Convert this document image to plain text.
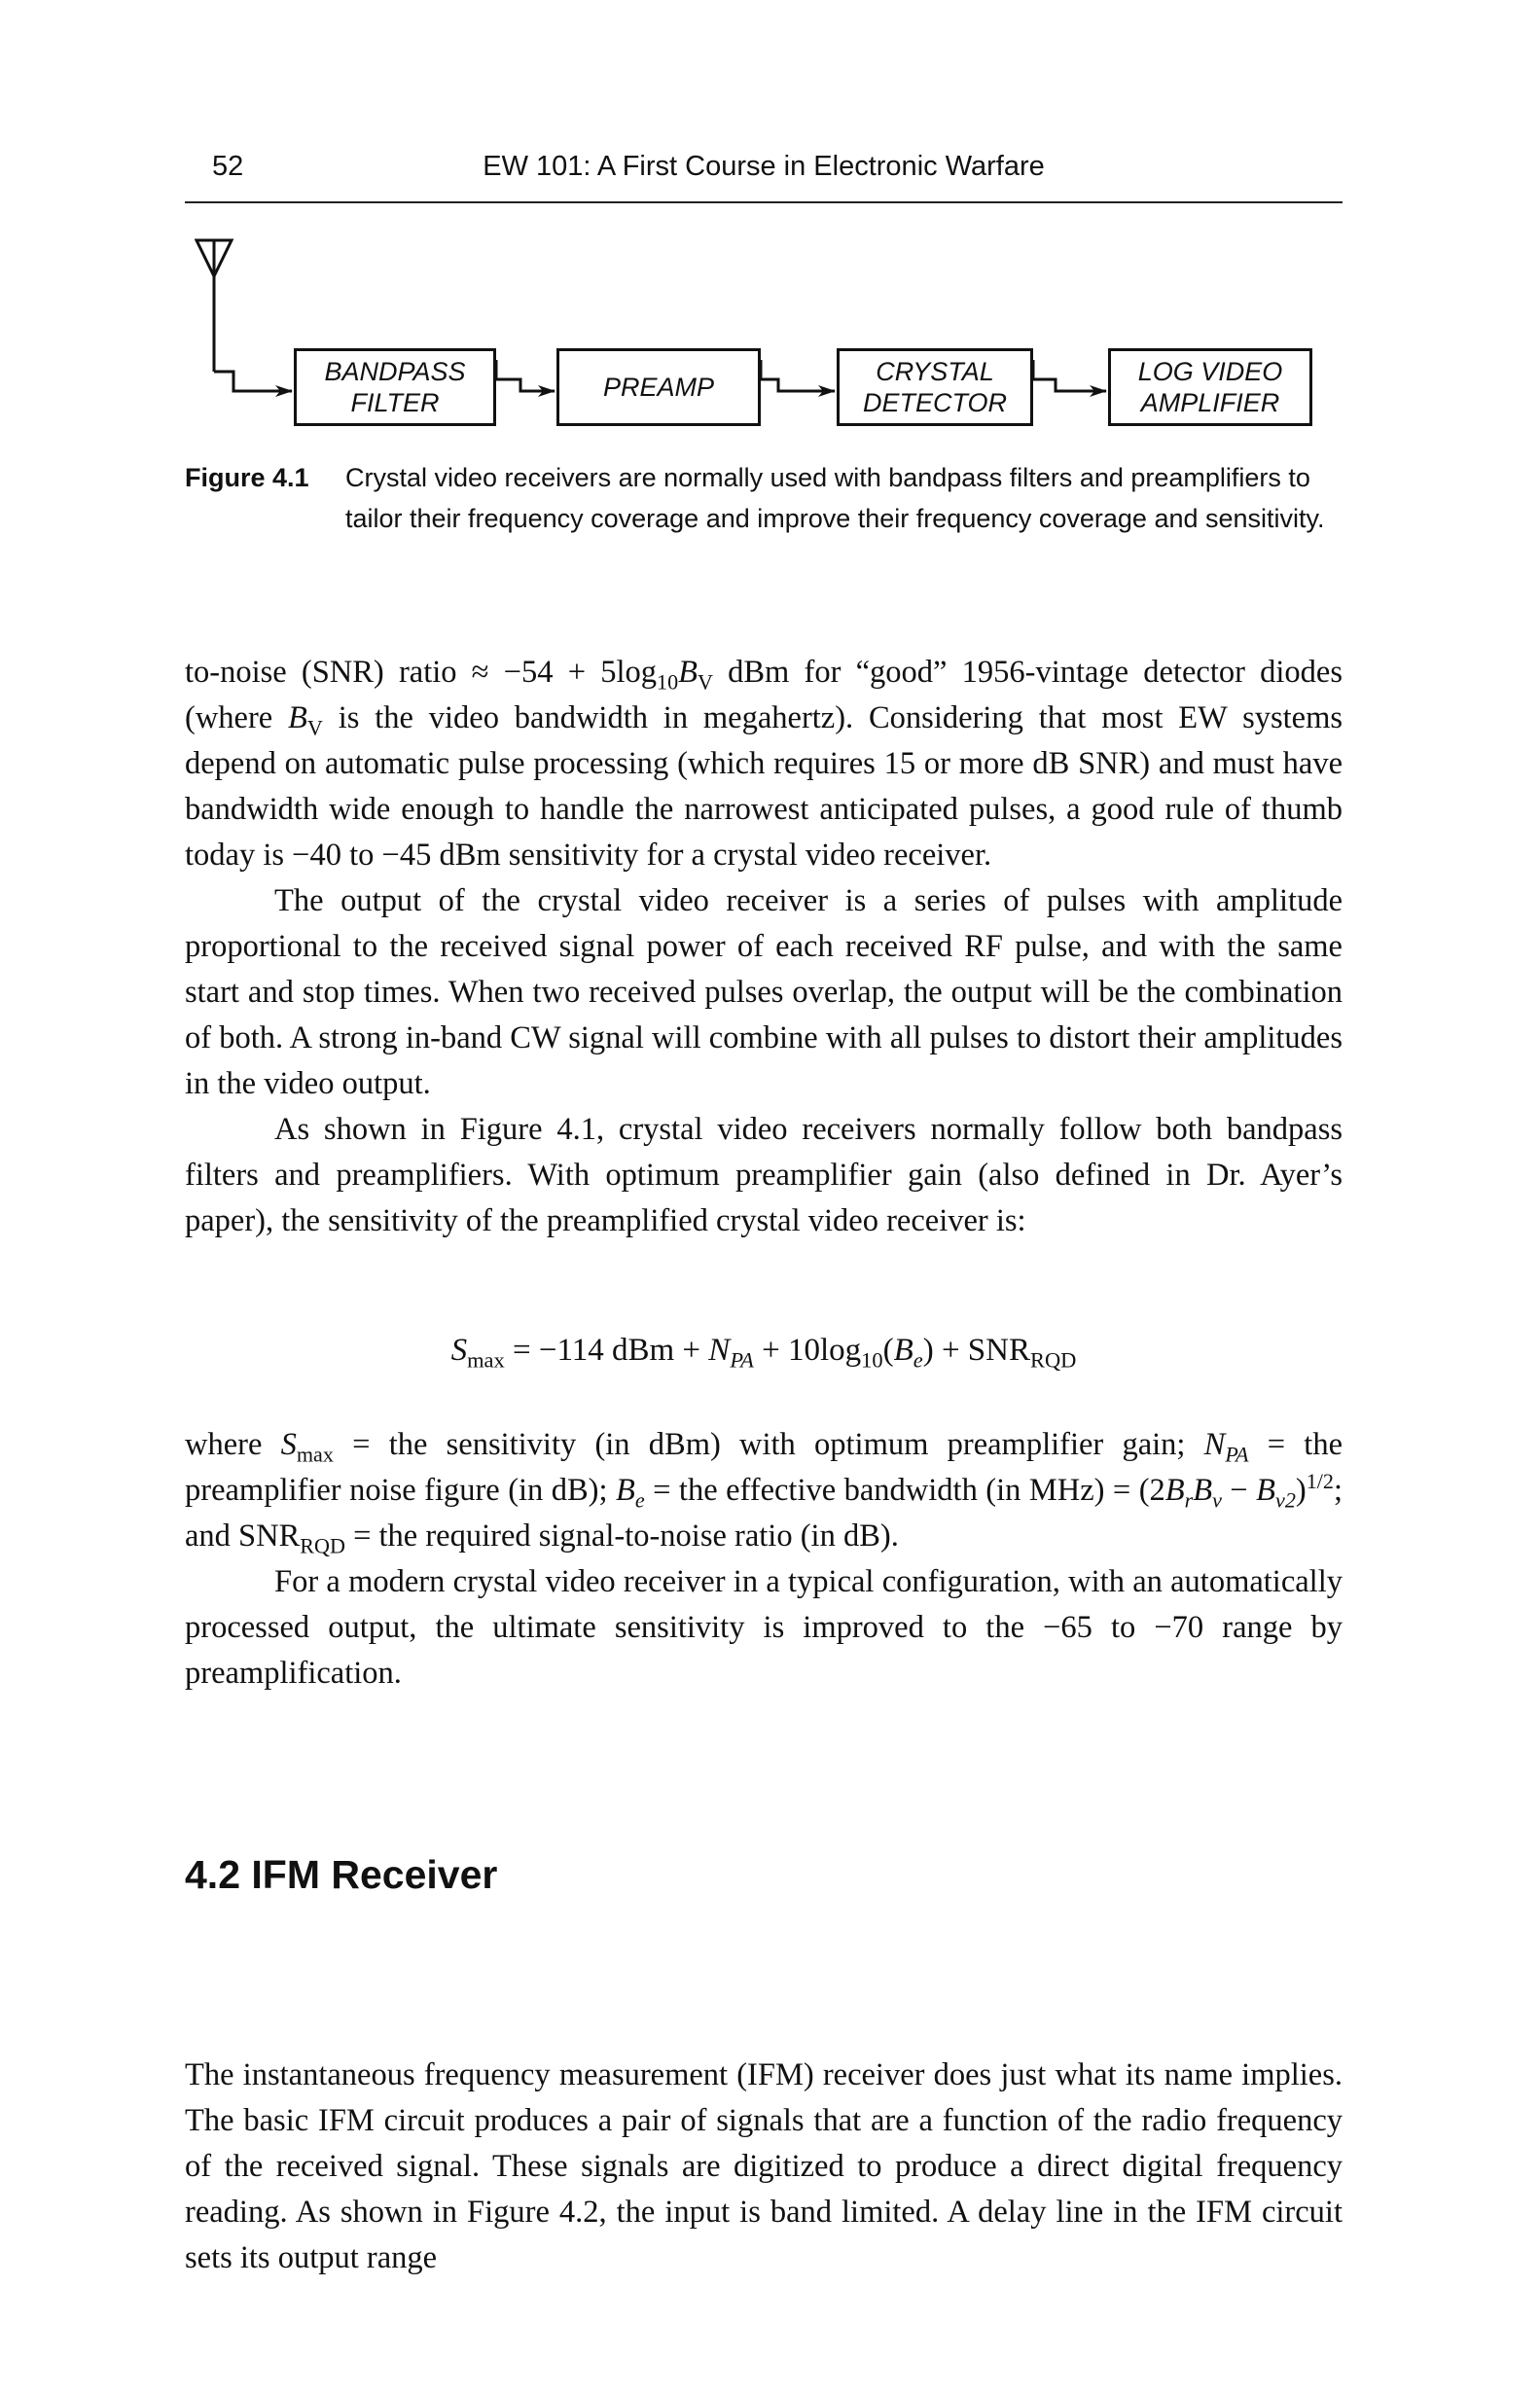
52	EW 101: A First Course in Electronic Warfare
BANDPASS
FILTER
PREAMP
CRYSTAL
DETECTOR
LOG VIDEO
AMPLIFIER
Figure 4.1 Crystal video receivers are normally used with bandpass filters and preamplifiers to tailor their frequency coverage and improve their frequency coverage and sensitivity.

to-noise (SNR) ratio ≈ $-54 + 5\log_{10}B_V$ dBm for “good” 1956-vintage detector diodes (where $B_V$ is the video bandwidth in megahertz). Considering that most EW systems depend on automatic pulse processing (which requires 15 or more dB SNR) and must have bandwidth wide enough to handle the narrowest anticipated pulses, a good rule of thumb today is −40 to −45 dBm sensitivity for a crystal video receiver.

The output of the crystal video receiver is a series of pulses with amplitude proportional to the received signal power of each received RF pulse, and with the same start and stop times. When two received pulses overlap, the output will be the combination of both. A strong in-band CW signal will combine with all pulses to distort their amplitudes in the video output.

As shown in Figure 4.1, crystal video receivers normally follow both bandpass filters and preamplifiers. With optimum preamplifier gain (also defined in Dr. Ayer’s paper), the sensitivity of the preamplified crystal video receiver is:

$S_{max} = -114$ dBm + $N_{PA} + 10\log_{10}(B_e) + SNR_{RQD}$

where $S_{max}$ = the sensitivity (in dBm) with optimum preamplifier gain; $N_{PA}$ = the preamplifier noise figure (in dB); $B_e$ = the effective bandwidth (in $MHz) = (2B_rB_v - B_{v2})^{1/2}$; and $SNR_{RQD}$ = the required signal-to-noise ratio (in dB).

For a modern crystal video receiver in a typical configuration, with an automatically processed output, the ultimate sensitivity is improved to the −65 to −70 range by preamplification.

4.2 IFM Receiver

The instantaneous frequency measurement (IFM) receiver does just what its name implies. The basic IFM circuit produces a pair of signals that are a function of the radio frequency of the received signal. These signals are digitized to produce a direct digital frequency reading. As shown in Figure 4.2, the input is band limited. A delay line in the IFM circuit sets its output range
